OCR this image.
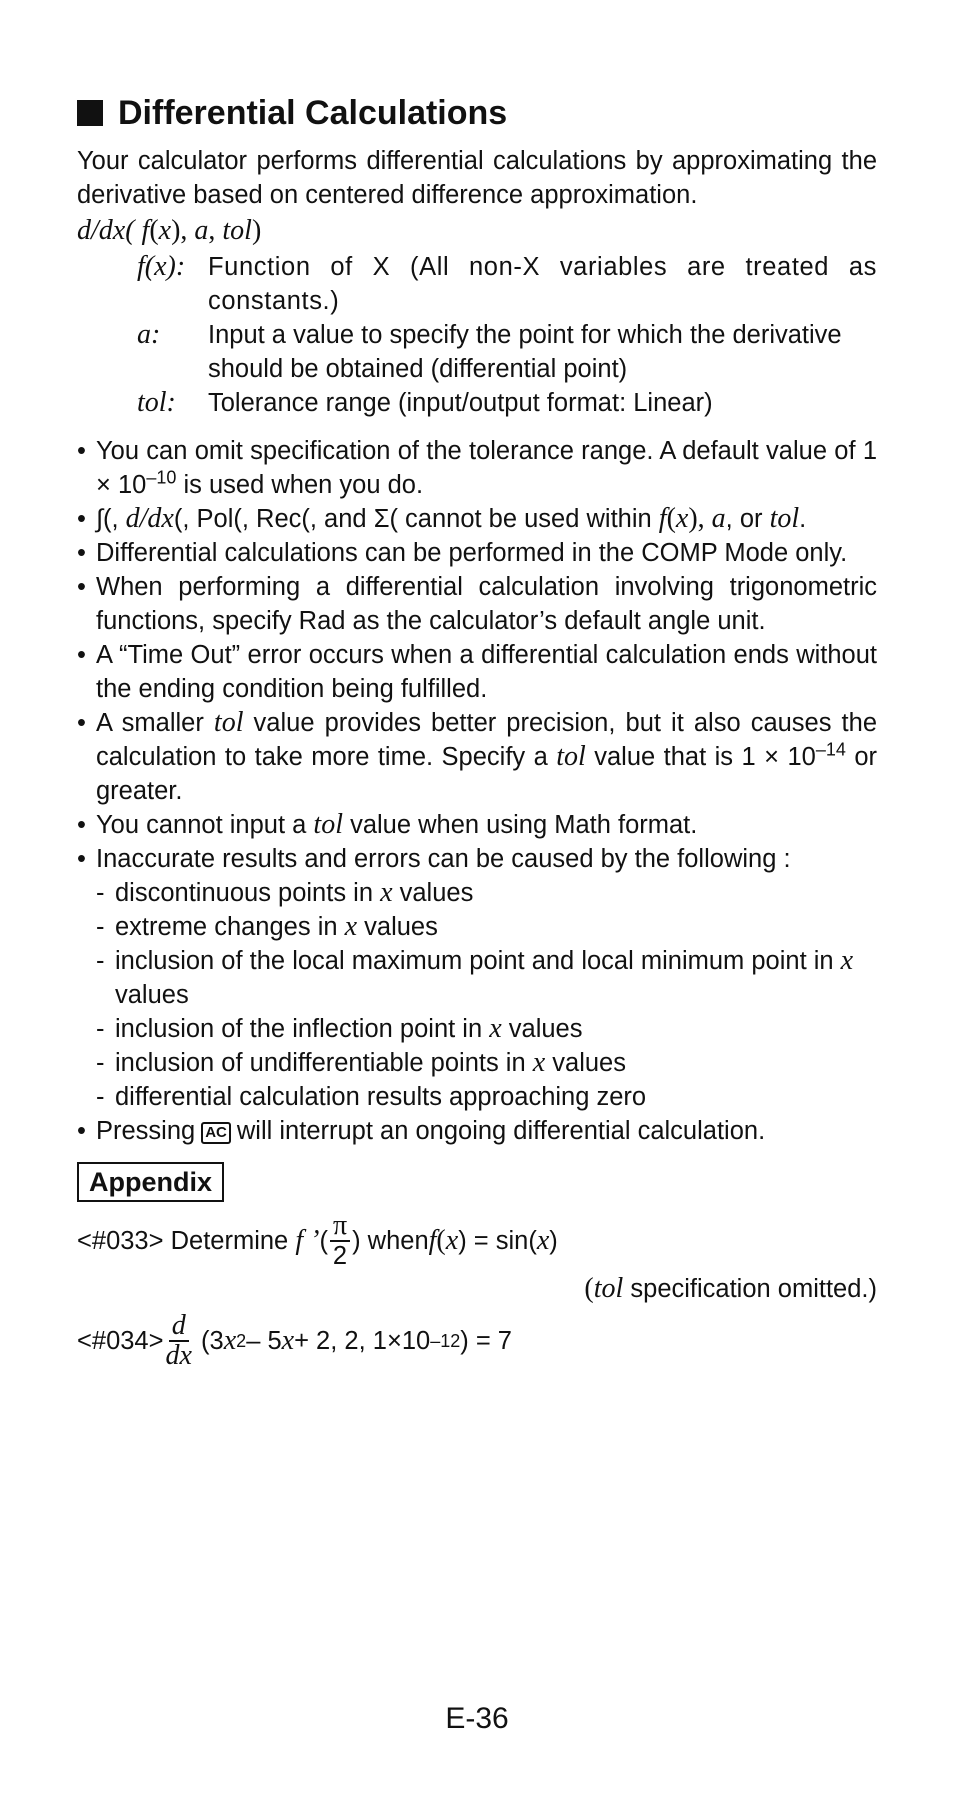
Differential Calculations

Your calculator performs differential calculations by approximating the derivative based on centered difference approximation.

d/dx( f(x), a, tol)

f(x): Function of X (All non-X variables are treated as constants.)
a:	Input a value to specify the point for which the derivative should be obtained (differential point)
tol:	Tolerance range (input/output format: Linear)
• You can omit specification of the tolerance range. A default value of $1 \times 10^{-10}$ is used when you do.
• ∫(, d/dx(, Pol(, Rec(, and Σ( cannot be used within f(x), a, or tol.
• Differential calculations can be performed in the COMP Mode only.
• When performing a differential calculation involving trigonometric functions, specify Rad as the calculator’s default angle unit.
• A “Time Out” error occurs when a differential calculation ends without the ending condition being fulfilled.
• A smaller tol value provides better precision, but it also causes the calculation to take more time. Specify a tol value that is $1 \times 10^{-14}$ or greater.
• You cannot input a tol value when using Math format.
• Inaccurate results and errors can be caused by the following :
- discontinuous points in x values
- extreme changes in x values
- inclusion of the local maximum point and local minimum point in x values
- inclusion of the inflection point in x values
- inclusion of undifferentiable points in x values
- differential calculation results approaching zero
• Pressing AC will interrupt an ongoing differential calculation.
Appendix
<#033>
Determine
f ’ ( $\frac{\pi}{2}$ ) when f ( x ) = sin( x )

(tol specification omitted.)

<#034> $\frac{d}{dx}$
(3 x 2 – 5 x + 2, 2, 1×10 –12 ) = 7
E-36
